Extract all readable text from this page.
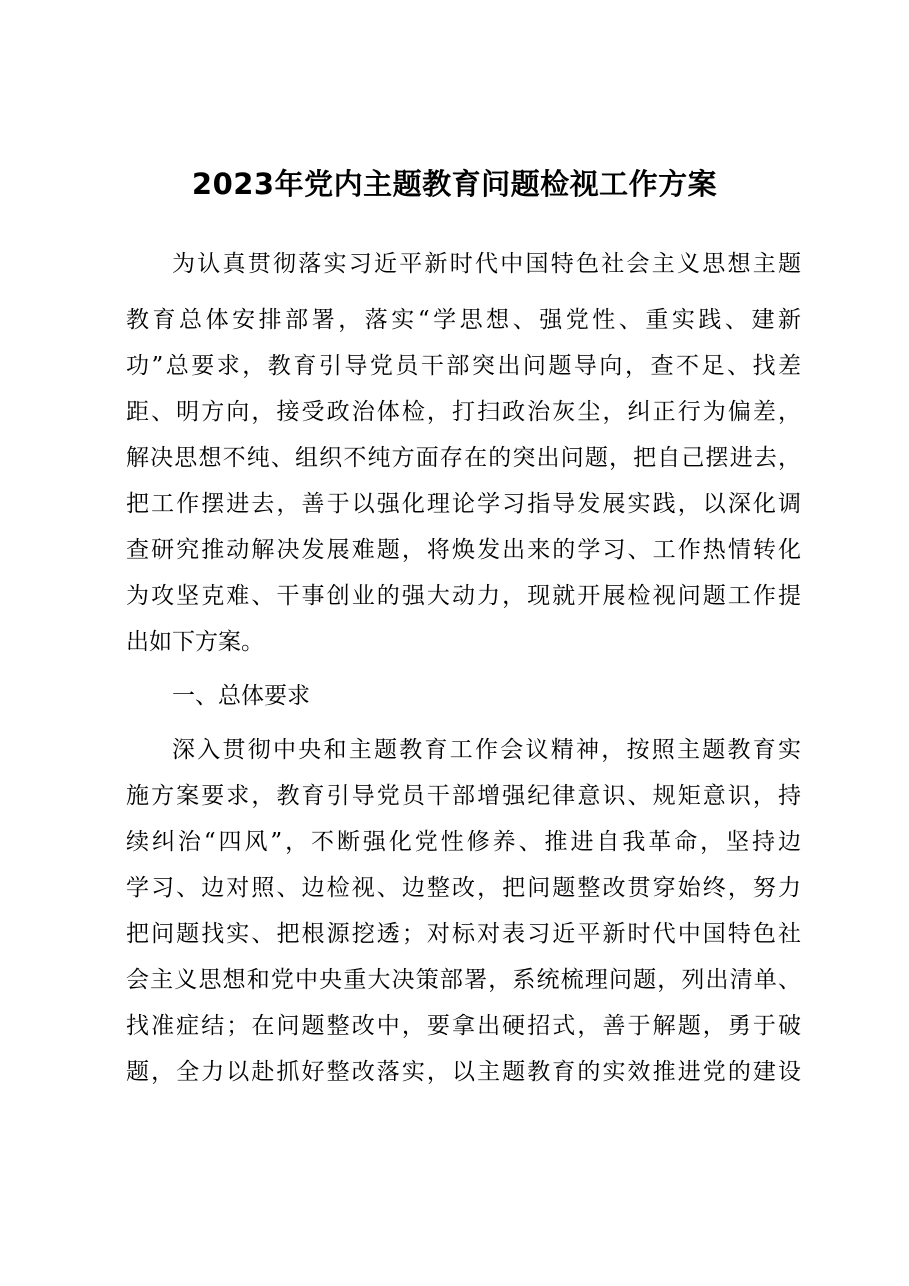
2023年党内主题教育问题检视工作方案
为认真贯彻落实习近平新时代中国特色社会主义思想主题
教育总体安排部署，落实“学思想、强党性、重实践、建新
功”总要求，教育引导党员干部突出问题导向，查不足、找差
距、明方向，接受政治体检，打扫政治灰尘，纠正行为偏差，
解决思想不纯、组织不纯方面存在的突出问题，把自己摆进去，
把工作摆进去，善于以强化理论学习指导发展实践，以深化调
查研究推动解决发展难题，将焕发出来的学习、工作热情转化
为攻坚克难、干事创业的强大动力，现就开展检视问题工作提
出如下方案。
一、总体要求
深入贯彻中央和主题教育工作会议精神，按照主题教育实
施方案要求，教育引导党员干部增强纪律意识、规矩意识，持
续纠治“四风”，不断强化党性修养、推进自我革命，坚持边
学习、边对照、边检视、边整改，把问题整改贯穿始终，努力
把问题找实、把根源挖透；对标对表习近平新时代中国特色社
会主义思想和党中央重大决策部署，系统梳理问题，列出清单、
找准症结；在问题整改中，要拿出硬招式，善于解题，勇于破
题，全力以赴抓好整改落实，以主题教育的实效推进党的建设
